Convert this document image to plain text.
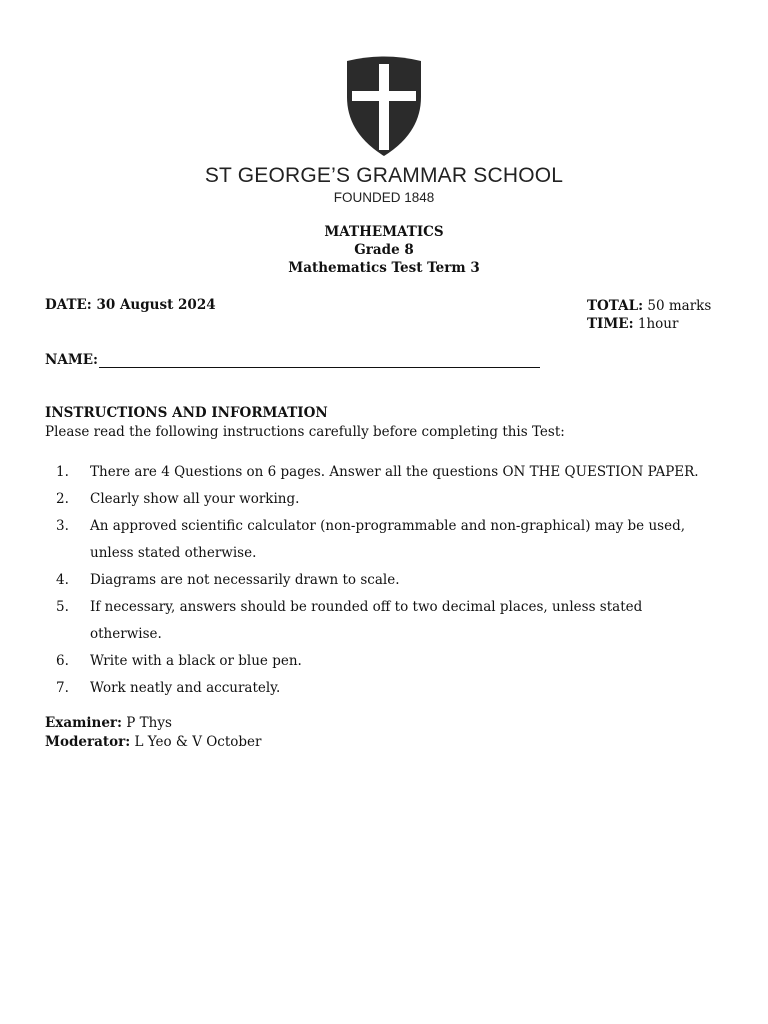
ST GEORGE’S GRAMMAR SCHOOL
FOUNDED 1848
MATHEMATICS
Grade 8
Mathematics Test Term 3
DATE: 30 August 2024	TOTAL: 50 marks
TIME: 1hour
NAME:
INSTRUCTIONS AND INFORMATION
Please read the following instructions carefully before completing this Test:
1.	There are 4 Questions on 6 pages. Answer all the questions ON THE QUESTION PAPER.
2.	Clearly show all your working.
3.	An approved scientific calculator (non-programmable and non-graphical) may be used, unless stated otherwise.
4.	Diagrams are not necessarily drawn to scale.
5.	If necessary, answers should be rounded off to two decimal places, unless stated otherwise.
6.	Write with a black or blue pen.
7.	Work neatly and accurately.
Examiner: P Thys
Moderator: L Yeo & V October
